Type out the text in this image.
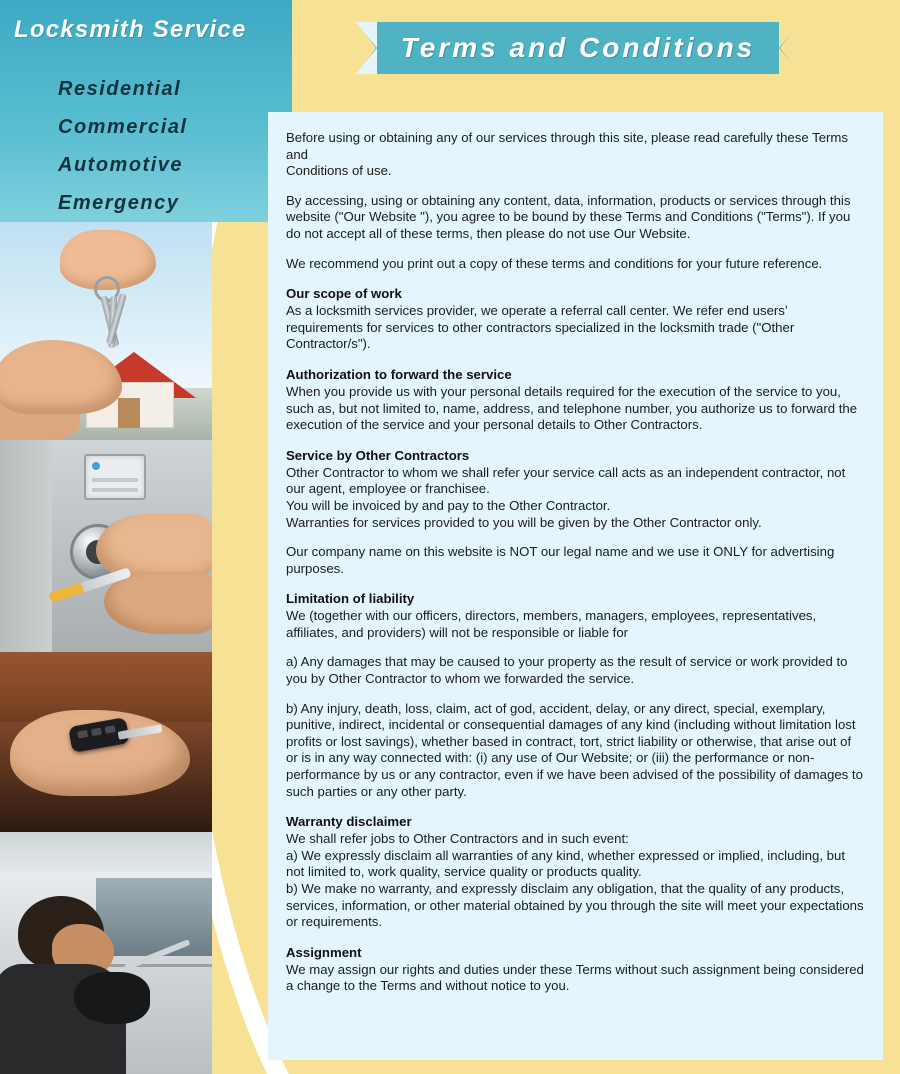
Locksmith Service
Residential
Commercial
Automotive
Emergency

Before using or obtaining any of our services through this site, please read carefully these Terms and
Conditions of use.

By accessing, using or obtaining any content, data, information, products or services through this website ("Our Website "), you agree to be bound by these Terms and Conditions ("Terms"). If you do not accept all of these terms, then please do not use Our Website.

We recommend you print out a copy of these terms and conditions for your future reference.

Our scope of work

As a locksmith services provider, we operate a referral call center. We refer end users’ requirements for services to other contractors specialized in the locksmith trade ("Other Contractor/s").

Authorization to forward the service

When you provide us with your personal details required for the execution of the service to you, such as, but not limited to, name, address, and telephone number, you authorize us to forward the execution of the service and your personal details to Other Contractors.

Service by Other Contractors

Other Contractor to whom we shall refer your service call acts as an independent contractor, not our agent, employee or franchisee.
You will be invoiced by and pay to the Other Contractor.
Warranties for services provided to you will be given by the Other Contractor only.

Our company name on this website is NOT our legal name and we use it ONLY for advertising purposes.

Limitation of liability

We (together with our officers, directors, members, managers, employees, representatives, affiliates, and providers) will not be responsible or liable for

a) Any damages that may be caused to your property as the result of service or work provided to you by Other Contractor to whom we forwarded the service.

b) Any injury, death, loss, claim, act of god, accident, delay, or any direct, special, exemplary, punitive, indirect, incidental or consequential damages of any kind (including without limitation lost profits or lost savings), whether based in contract, tort, strict liability or otherwise, that arise out of or is in any way connected with: (i) any use of Our Website; or (iii) the performance or non-performance by us or any contractor, even if we have been advised of the possibility of damages to such parties or any other party.

Warranty disclaimer

We shall refer jobs to Other Contractors and in such event:
a) We expressly disclaim all warranties of any kind, whether expressed or implied, including, but not limited to, work quality, service quality or products quality.
b) We make no warranty, and expressly disclaim any obligation, that the quality of any products, services, information, or other material obtained by you through the site will meet your expectations or requirements.

Assignment

We may assign our rights and duties under these Terms without such assignment being considered a change to the Terms and without notice to you.

Terms and Conditions
